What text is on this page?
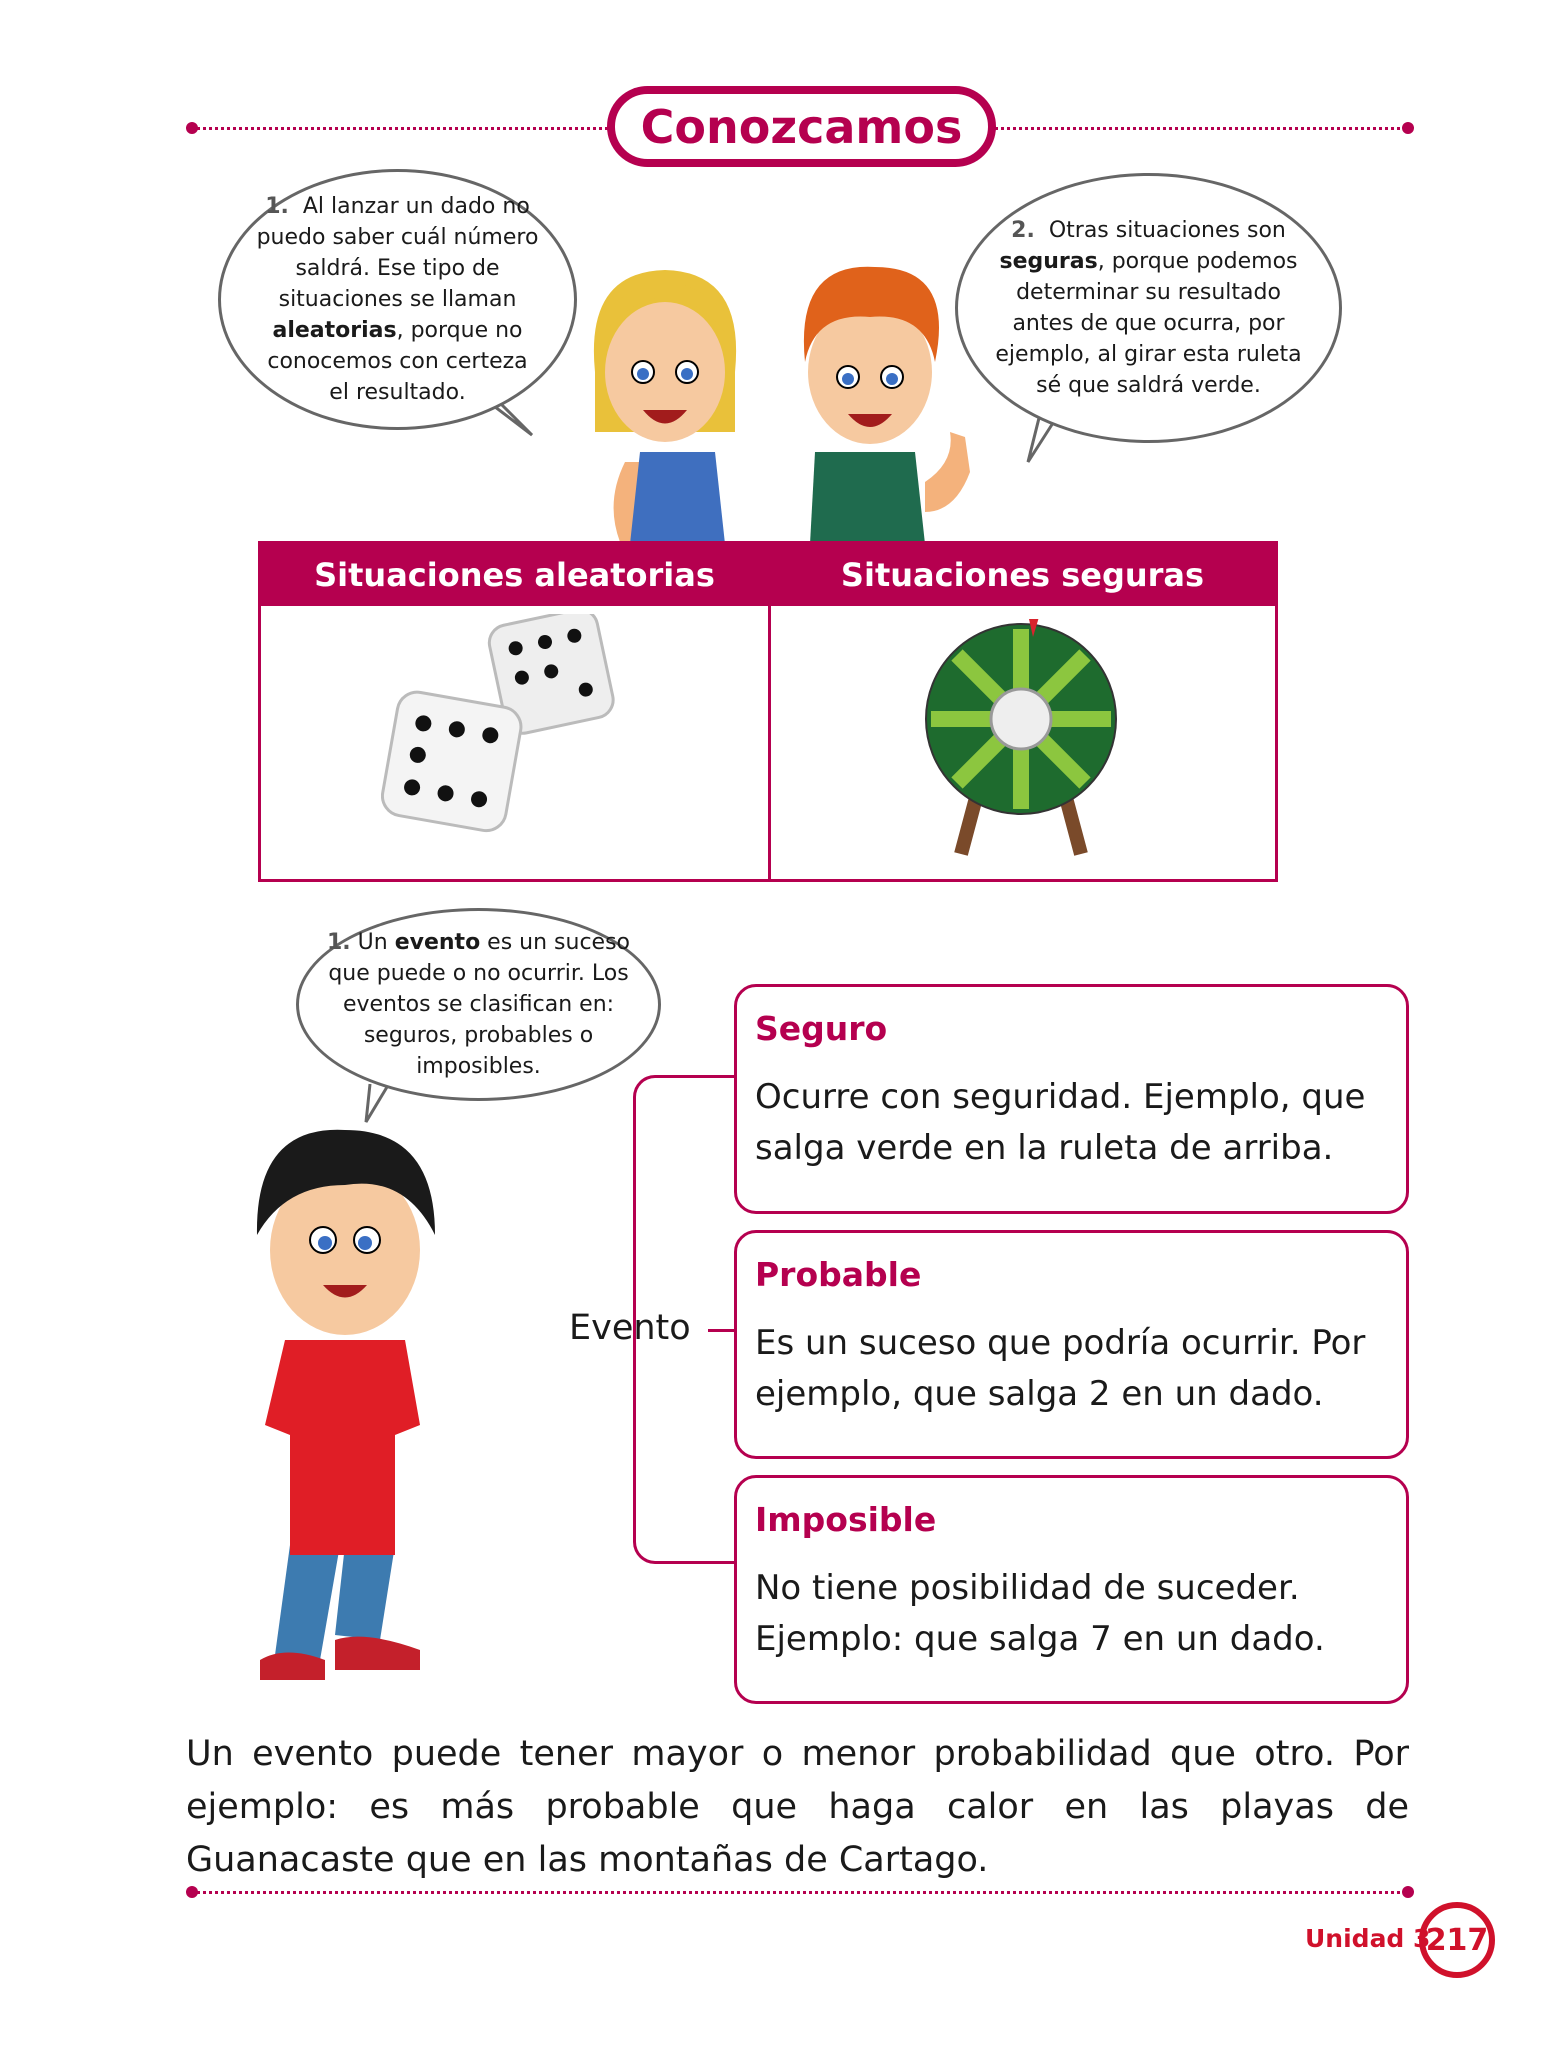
Conozcamos
1. Al lanzar un dado no puedo saber cuál número saldrá. Ese tipo de situaciones se llaman aleatorias, porque no conocemos con certeza el resultado.
2. Otras situaciones son seguras, porque podemos determinar su resultado antes de que ocurra, por ejemplo, al girar esta ruleta sé que saldrá verde.
Situaciones aleatorias	Situaciones seguras
1. Un evento es un suceso que puede o no ocurrir. Los eventos se clasifican en: seguros, probables o imposibles.
Evento
Seguro

Ocurre con seguridad. Ejemplo, que salga verde en la ruleta de arriba.

Probable

Es un suceso que podría ocurrir. Por ejemplo, que salga 2 en un dado.

Imposible

No tiene posibilidad de suceder. Ejemplo: que salga 7 en un dado.

Un evento puede tener mayor o menor probabilidad que otro. Por ejemplo: es más probable que haga calor en las playas de Guanacaste que en las montañas de Cartago.
Unidad 3
217
